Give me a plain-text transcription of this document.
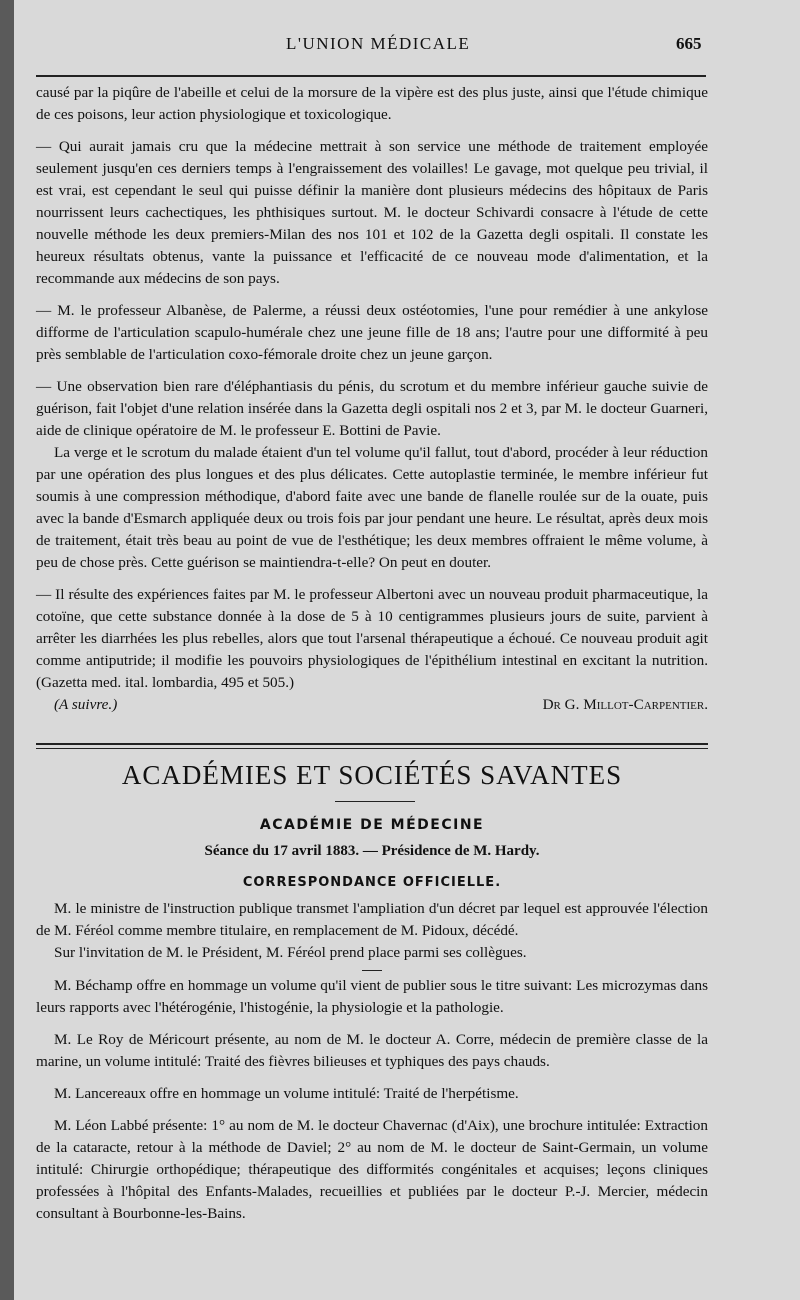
L'UNION MÉDICALE	665

causé par la piqûre de l'abeille et celui de la morsure de la vipère est des plus juste, ainsi que l'étude chimique de ces poisons, leur action physiologique et toxicologique.

— Qui aurait jamais cru que la médecine mettrait à son service une méthode de traitement employée seulement jusqu'en ces derniers temps à l'engraissement des volailles! Le gavage, mot quelque peu trivial, il est vrai, est cependant le seul qui puisse définir la manière dont plusieurs médecins des hôpitaux de Paris nourrissent leurs cachectiques, les phthisiques surtout. M. le docteur Schivardi consacre à l'étude de cette nouvelle méthode les deux premiers-Milan des nos 101 et 102 de la Gazetta degli ospitali. Il constate les heureux résultats obtenus, vante la puissance et l'efficacité de ce nouveau mode d'alimentation, et la recommande aux médecins de son pays.

— M. le professeur Albanèse, de Palerme, a réussi deux ostéotomies, l'une pour remédier à une ankylose difforme de l'articulation scapulo-humérale chez une jeune fille de 18 ans; l'autre pour une difformité à peu près semblable de l'articulation coxo-fémorale droite chez un jeune garçon.

— Une observation bien rare d'éléphantiasis du pénis, du scrotum et du membre inférieur gauche suivie de guérison, fait l'objet d'une relation insérée dans la Gazetta degli ospitali nos 2 et 3, par M. le docteur Guarneri, aide de clinique opératoire de M. le professeur E. Bottini de Pavie.

La verge et le scrotum du malade étaient d'un tel volume qu'il fallut, tout d'abord, procéder à leur réduction par une opération des plus longues et des plus délicates. Cette autoplastie terminée, le membre inférieur fut soumis à une compression méthodique, d'abord faite avec une bande de flanelle roulée sur de la ouate, puis avec la bande d'Esmarch appliquée deux ou trois fois par jour pendant une heure. Le résultat, après deux mois de traitement, était très beau au point de vue de l'esthétique; les deux membres offraient le même volume, à peu de chose près. Cette guérison se maintiendra-t-elle? On peut en douter.

— Il résulte des expériences faites par M. le professeur Albertoni avec un nouveau produit pharmaceutique, la cotoïne, que cette substance donnée à la dose de 5 à 10 centigrammes plusieurs jours de suite, parvient à arrêter les diarrhées les plus rebelles, alors que tout l'arsenal thérapeutique a échoué. Ce nouveau produit agit comme antiputride; il modifie les pouvoirs physiologiques de l'épithélium intestinal en excitant la nutrition. (Gazetta med. ital. lombardia, 495 et 505.)

(A suivre.)	Dr G. Millot-Carpentier.
ACADÉMIES ET SOCIÉTÉS SAVANTES
ACADÉMIE DE MÉDECINE
Séance du 17 avril 1883. — Présidence de M. Hardy.
CORRESPONDANCE OFFICIELLE.

M. le ministre de l'instruction publique transmet l'ampliation d'un décret par lequel est approuvée l'élection de M. Féréol comme membre titulaire, en remplacement de M. Pidoux, décédé.

Sur l'invitation de M. le Président, M. Féréol prend place parmi ses collègues.

M. Béchamp offre en hommage un volume qu'il vient de publier sous le titre suivant: Les microzymas dans leurs rapports avec l'hétérogénie, l'histogénie, la physiologie et la pathologie.

M. Le Roy de Méricourt présente, au nom de M. le docteur A. Corre, médecin de première classe de la marine, un volume intitulé: Traité des fièvres bilieuses et typhiques des pays chauds.

M. Lancereaux offre en hommage un volume intitulé: Traité de l'herpétisme.

M. Léon Labbé présente: 1° au nom de M. le docteur Chavernac (d'Aix), une brochure intitulée: Extraction de la cataracte, retour à la méthode de Daviel; 2° au nom de M. le docteur de Saint-Germain, un volume intitulé: Chirurgie orthopédique; thérapeutique des difformités congénitales et acquises; leçons cliniques professées à l'hôpital des Enfants-Malades, recueillies et publiées par le docteur P.-J. Mercier, médecin consultant à Bourbonne-les-Bains.
